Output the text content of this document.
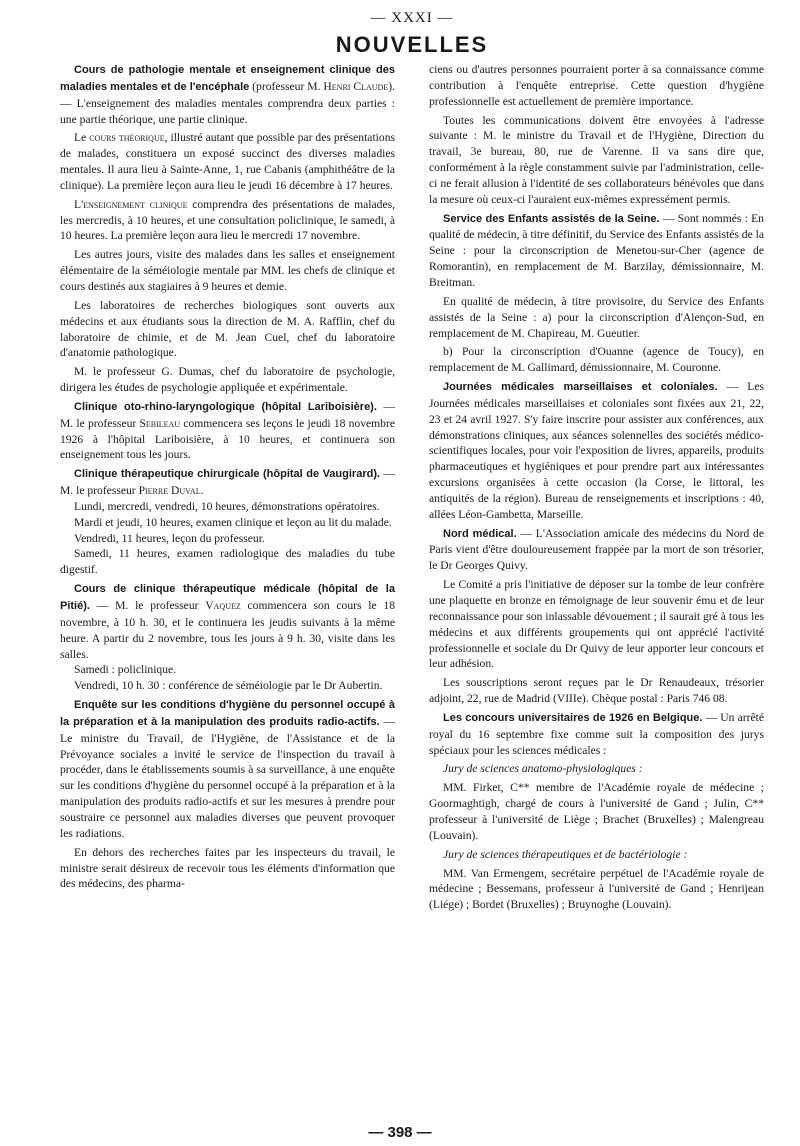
— XXXI —
NOUVELLES

Cours de pathologie mentale et enseignement clinique des maladies mentales et de l'encéphale (professeur M. Henri Claude). — L'enseignement des maladies mentales comprendra deux parties : une partie théorique, une partie clinique.

Le cours théorique, illustré autant que possible par des présentations de malades, constituera un exposé succinct des diverses maladies mentales. Il aura lieu à Sainte-Anne, 1, rue Cabanis (amphithéâtre de la clinique). La première leçon aura lieu le jeudi 16 décembre à 17 heures.

L'enseignement clinique comprendra des présentations de malades, les mercredis, à 10 heures, et une consultation policlinique, le samedi, à 10 heures. La première leçon aura lieu le mercredi 17 novembre.

Les autres jours, visite des malades dans les salles et enseignement élémentaire de la séméiologie mentale par MM. les chefs de clinique et cours destinés aux stagiaires à 9 heures et demie.

Les laboratoires de recherches biologiques sont ouverts aux médecins et aux étudiants sous la direction de M. A. Rafflin, chef du laboratoire de chimie, et de M. Jean Cuel, chef du laboratoire d'anatomie pathologique.

M. le professeur G. Dumas, chef du laboratoire de psychologie, dirigera les études de psychologie appliquée et expérimentale.

Clinique oto-rhino-laryngologique (hôpital Lariboisière). — M. le professeur Sebileau commencera ses leçons le jeudi 18 novembre 1926 à l'hôpital Lariboisière, à 10 heures, et continuera son enseignement tous les jours.

Clinique thérapeutique chirurgicale (hôpital de Vaugirard). — M. le professeur Pierre Duval.

Lundi, mercredi, vendredi, 10 heures, démonstrations opératoires.

Mardi et jeudi, 10 heures, examen clinique et leçon au lit du malade.

Vendredi, 11 heures, leçon du professeur.

Samedi, 11 heures, examen radiologique des maladies du tube digestif.

Cours de clinique thérapeutique médicale (hôpital de la Pitié). — M. le professeur Vaquez commencera son cours le 18 novembre, à 10 h. 30, et le continuera les jeudis suivants à la même heure. A partir du 2 novembre, tous les jours à 9 h. 30, visite dans les salles.

Samedi : policlinique.

Vendredi, 10 h. 30 : conférence de séméiologie par le Dr Aubertin.

Enquête sur les conditions d'hygiène du personnel occupé à la préparation et à la manipulation des produits radio-actifs. — Le ministre du Travail, de l'Hygiène, de l'Assistance et de la Prévoyance sociales a invité le service de l'inspection du travail à procéder, dans le établissements soumis à sa surveillance, à une enquête sur les conditions d'hygiène du personnel occupé à la préparation et à la manipulation des produits radio-actifs et sur les mesures à prendre pour soustraire ce personnel aux maladies diverses que peuvent provoquer les radiations.

En dehors des recherches faites par les inspecteurs du travail, le ministre serait désireux de recevoir tous les éléments d'information que des médecins, des pharma-

ciens ou d'autres personnes pourraient porter à sa connaissance comme contribution à l'enquête entreprise. Cette question d'hygiène professionnelle est actuellement de première importance.

Toutes les communications doivent être envoyées à l'adresse suivante : M. le ministre du Travail et de l'Hygiène, Direction du travail, 3e bureau, 80, rue de Varenne. Il va sans dire que, conformément à la règle constamment suivie par l'administration, celle-ci ne ferait allusion à l'identité de ses collaborateurs bénévoles que dans la mesure où ceux-ci l'auraient eux-mêmes expressément permis.

Service des Enfants assistés de la Seine. — Sont nommés : En qualité de médecin, à titre définitif, du Service des Enfants assistés de la Seine : pour la circonscription de Menetou-sur-Cher (agence de Romorantin), en remplacement de M. Barzilay, démissionnaire, M. Breitman.

En qualité de médecin, à titre provisoire, du Service des Enfants assistés de la Seine : a) pour la circonscription d'Alençon-Sud, en remplacement de M. Chapireau, M. Gueutier.

b) Pour la circonscription d'Ouanne (agence de Toucy), en remplacement de M. Gallimard, démissionnaire, M. Couronne.

Journées médicales marseillaises et coloniales. — Les Journées médicales marseillaises et coloniales sont fixées aux 21, 22, 23 et 24 avril 1927. S'y faire inscrire pour assister aux conférences, aux démonstrations cliniques, aux séances solennelles des sociétés médico-scientifiques locales, pour voir l'exposition de livres, appareils, produits pharmaceutiques et hygiéniques et pour prendre part aux intéressantes excursions organisées à cette occasion (la Corse, le littoral, les antiquités de la région). Bureau de renseignements et inscriptions : 40, allées Léon-Gambetta, Marseille.

Nord médical. — L'Association amicale des médecins du Nord de Paris vient d'être douloureusement frappée par la mort de son trésorier, le Dr Georges Quivy.

Le Comité a pris l'initiative de déposer sur la tombe de leur confrère une plaquette en bronze en témoignage de leur souvenir ému et de leur reconnaissance pour son inlassable dévouement ; il saurait gré à tous les médecins et aux différents groupements qui ont apprécié l'activité professionnelle et sociale du Dr Quivy de leur apporter leur concours et leur adhésion.

Les souscriptions seront reçues par le Dr Renaudeaux, trésorier adjoint, 22, rue de Madrid (VIIIe). Chèque postal : Paris 746 08.

Les concours universitaires de 1926 en Belgique. — Un arrêté royal du 16 septembre fixe comme suit la composition des jurys spéciaux pour les sciences médicales :

Jury de sciences anatomo-physiologiques :

MM. Firket, C** membre de l'Académie royale de médecine ; Goormaghtigh, chargé de cours à l'université de Gand ; Julin, C** professeur à l'université de Liège ; Brachet (Bruxelles) ; Malengreau (Louvain).

Jury de sciences thérapeutiques et de bactériologie :

MM. Van Ermengem, secrétaire perpétuel de l'Académie royale de médecine ; Bessemans, professeur à l'université de Gand ; Henrijean (Liége) ; Bordet (Bruxelles) ; Bruynoghe (Louvain).

— 398 —
